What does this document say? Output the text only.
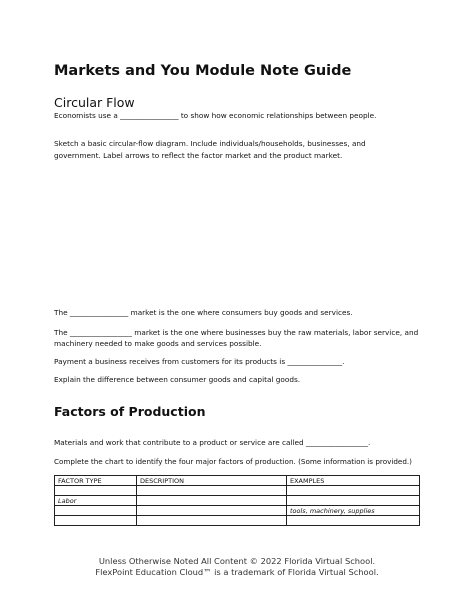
Markets and You Module Note Guide
Circular Flow
Economists use a ________________ to show how economic relationships between people.
Sketch a basic circular-flow diagram. Include individuals/households, businesses, and
government. Label arrows to reflect the factor market and the product market.
The ________________ market is the one where consumers buy goods and services.
The _________________ market is the one where businesses buy the raw materials, labor service, and
machinery needed to make goods and services possible.
Payment a business receives from customers for its products is _______________.
Explain the difference between consumer goods and capital goods.
Factors of Production
Materials and work that contribute to a product or service are called _________________.
Complete the chart to identify the four major factors of production. (Some information is provided.)
FACTOR TYPE	DESCRIPTION	EXAMPLES

Labor		
		tools, machinery, supplies

Unless Otherwise Noted All Content © 2022 Florida Virtual School.
FlexPoint Education Cloud™ is a trademark of Florida Virtual School.
